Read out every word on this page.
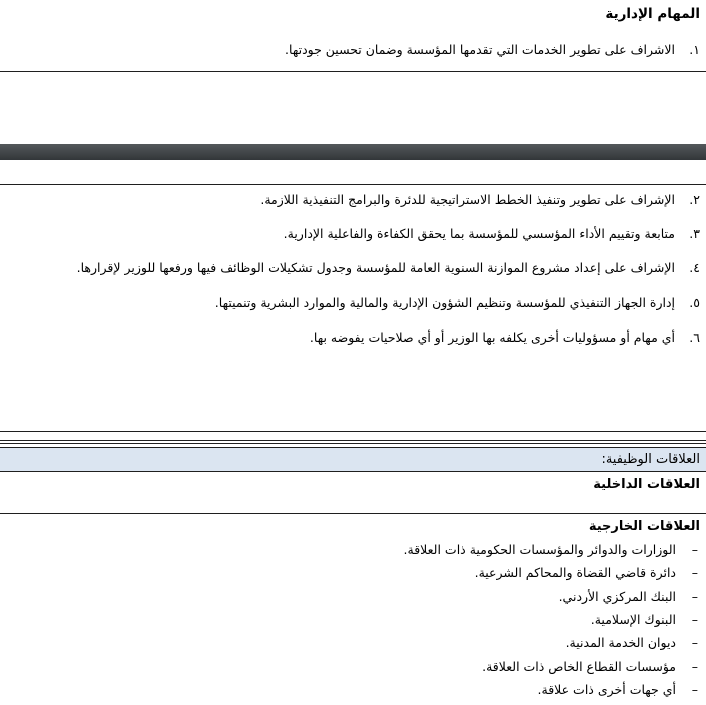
المهام الإدارية
١.
الاشراف على تطوير الخدمات التي تقدمها المؤسسة وضمان تحسين جودتها.
٢.
الإشراف على تطوير وتنفيذ الخطط الاستراتيجية للدئرة والبرامج التنفيذية اللازمة.
٣.
متابعة وتقييم الأداء المؤسسي للمؤسسة بما يحقق الكفاءة والفاعلية الإدارية.
٤.
الإشراف على إعداد مشروع الموازنة السنوية العامة للمؤسسة وجدول تشكيلات الوظائف فيها ورفعها للوزير لإقرارها.
٥.
إدارة الجهاز التنفيذي للمؤسسة وتنظيم الشؤون الإدارية والمالية والموارد البشرية وتنميتها.
٦.
أي مهام أو مسؤوليات أخرى يكلفه بها الوزير أو أي صلاحيات يفوضه بها.
العلاقات الوظيفية:
العلاقات الداخلية
العلاقات الخارجية
–
الوزارات والدوائر والمؤسسات الحكومية ذات العلاقة.
–
دائرة قاضي القضاة والمحاكم الشرعية.
–
البنك المركزي الأردني.
–
البنوك الإسلامية.
–
ديوان الخدمة المدنية.
–
مؤسسات القطاع الخاص ذات العلاقة.
–
أي جهات أخرى ذات علاقة.
